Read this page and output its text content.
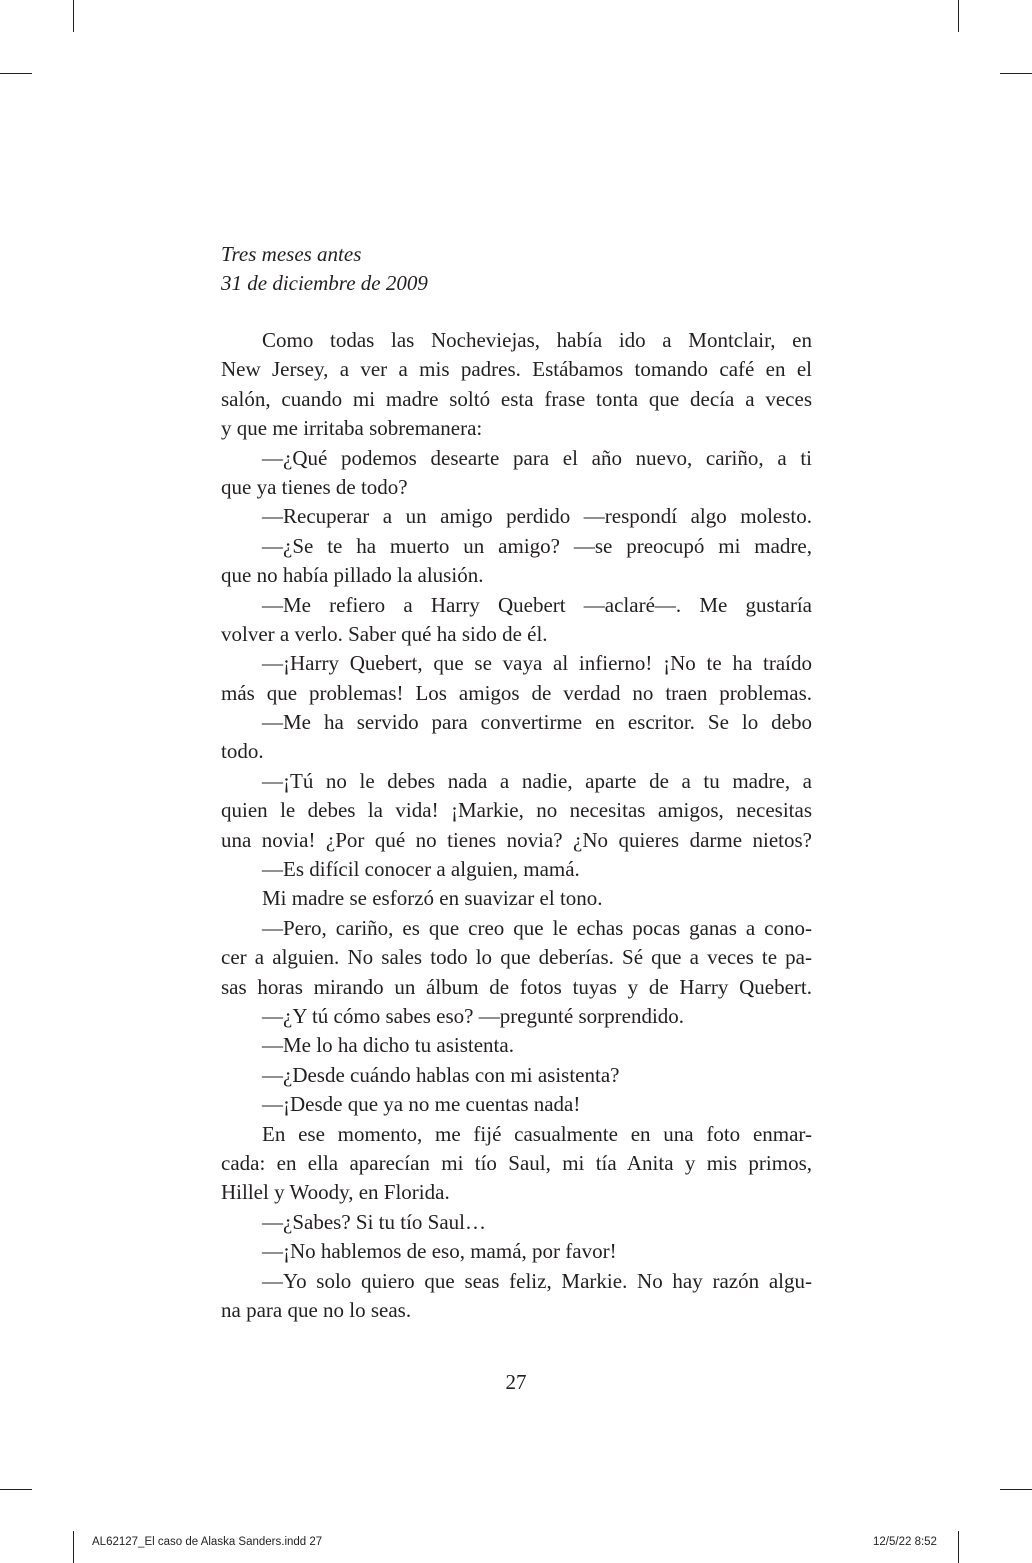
Tres meses antes
31 de diciembre de 2009
Como todas las Nocheviejas, había ido a Montclair, en
New Jersey, a ver a mis padres. Estábamos tomando café en el
salón, cuando mi madre soltó esta frase tonta que decía a veces
y que me irritaba sobremanera:
—¿Qué podemos desearte para el año nuevo, cariño, a ti
que ya tienes de todo?
—Recuperar a un amigo perdido —respondí algo molesto.
—¿Se te ha muerto un amigo? —se preocupó mi madre,
que no había pillado la alusión.
—Me refiero a Harry Quebert —aclaré—. Me gustaría
volver a verlo. Saber qué ha sido de él.
—¡Harry Quebert, que se vaya al infierno! ¡No te ha traído
más que problemas! Los amigos de verdad no traen problemas.
—Me ha servido para convertirme en escritor. Se lo debo
todo.
—¡Tú no le debes nada a nadie, aparte de a tu madre, a
quien le debes la vida! ¡Markie, no necesitas amigos, necesitas
una novia! ¿Por qué no tienes novia? ¿No quieres darme nietos?
—Es difícil conocer a alguien, mamá.
Mi madre se esforzó en suavizar el tono.
—Pero, cariño, es que creo que le echas pocas ganas a cono-
cer a alguien. No sales todo lo que deberías. Sé que a veces te pa-
sas horas mirando un álbum de fotos tuyas y de Harry Quebert.
—¿Y tú cómo sabes eso? —pregunté sorprendido.
—Me lo ha dicho tu asistenta.
—¿Desde cuándo hablas con mi asistenta?
—¡Desde que ya no me cuentas nada!
En ese momento, me fijé casualmente en una foto enmar-
cada: en ella aparecían mi tío Saul, mi tía Anita y mis primos,
Hillel y Woody, en Florida.
—¿Sabes? Si tu tío Saul…
—¡No hablemos de eso, mamá, por favor!
—Yo solo quiero que seas feliz, Markie. No hay razón algu-
na para que no lo seas.
27
AL62127_El caso de Alaska Sanders.indd 27	12/5/22 8:52
